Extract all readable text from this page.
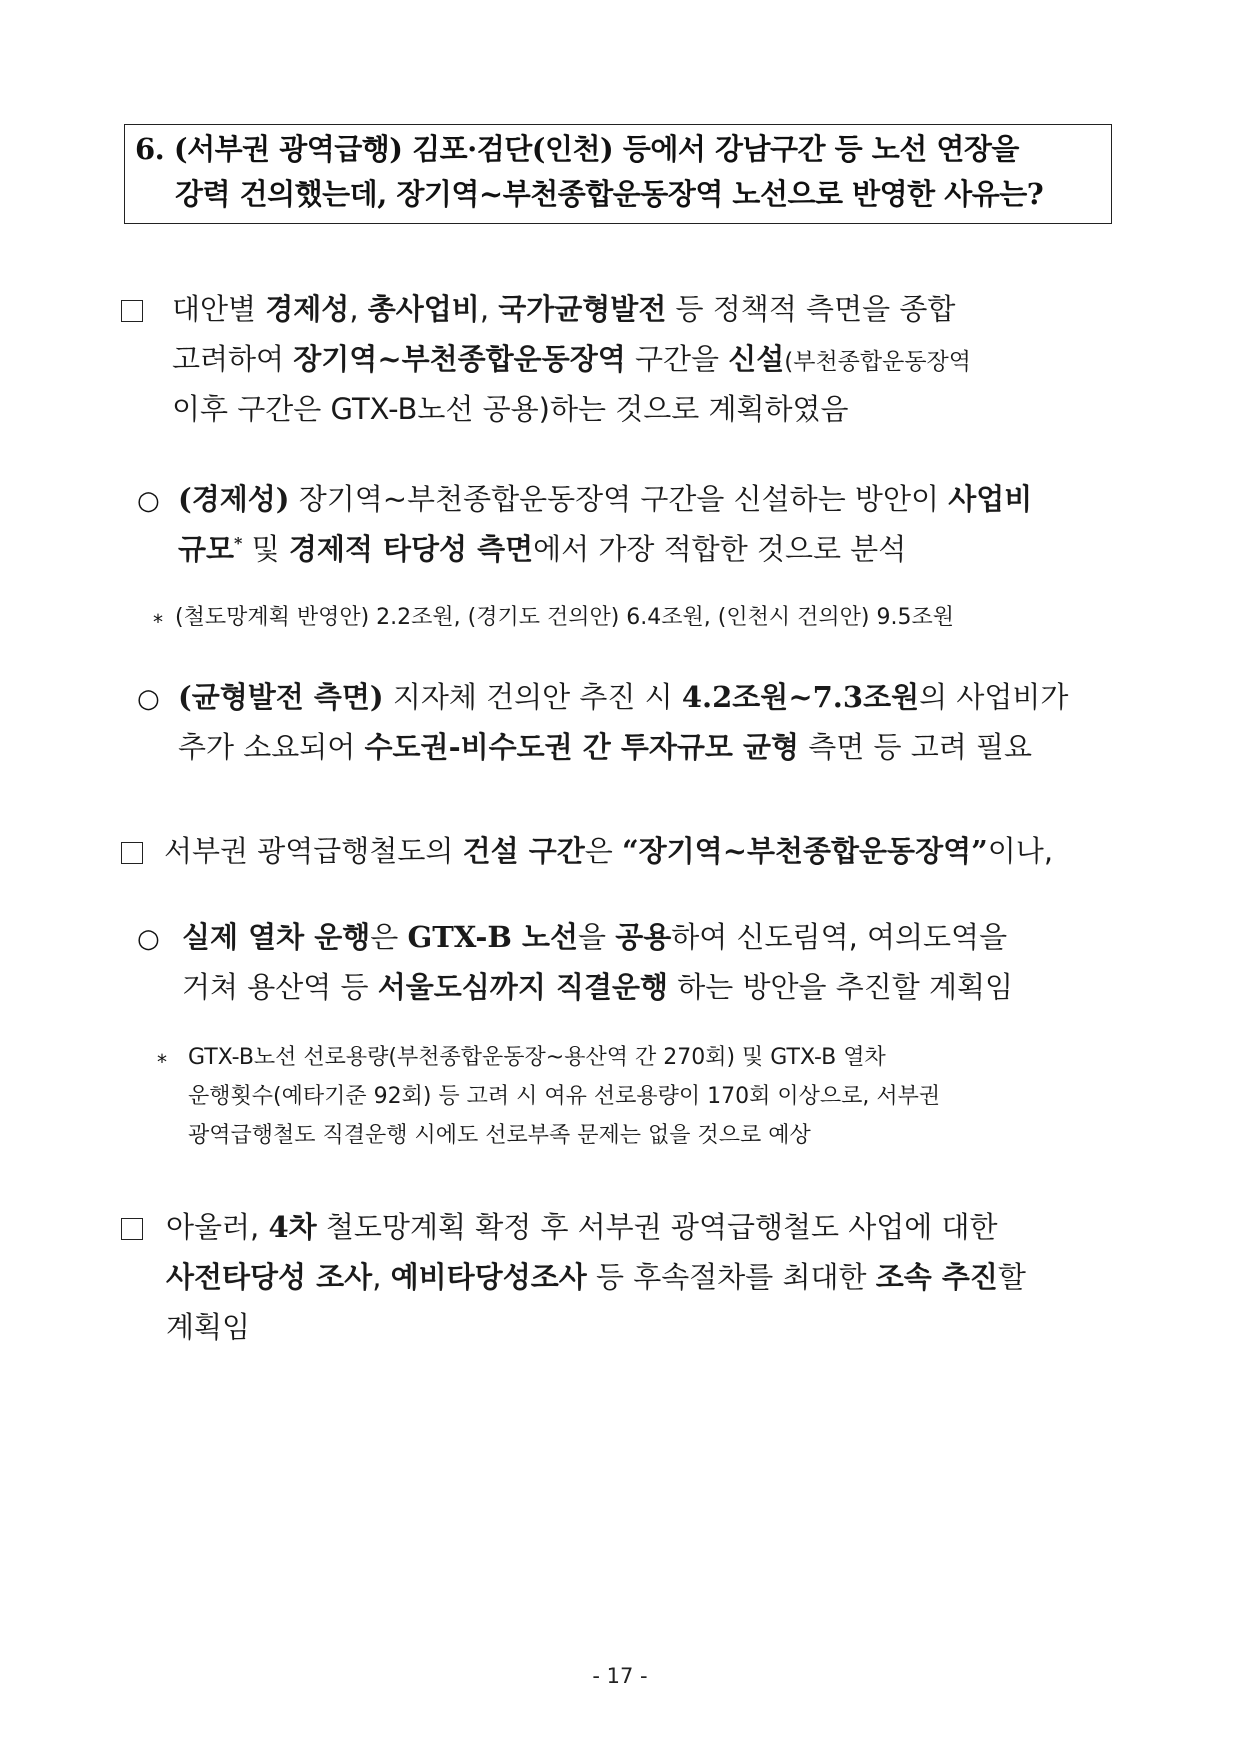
6. (서부권 광역급행) 김포·검단(인천) 등에서 강남구간 등 노선 연장을
강력 건의했는데, 장기역~부천종합운동장역 노선으로 반영한 사유는?
대안별 경제성, 총사업비, 국가균형발전 등 정책적 측면을 종합
고려하여 장기역~부천종합운동장역 구간을 신설(부천종합운동장역
이후 구간은 GTX-B노선 공용)하는 것으로 계획하였음
○ (경제성) 장기역~부천종합운동장역 구간을 신설하는 방안이 사업비
규모* 및 경제적 타당성 측면에서 가장 적합한 것으로 분석
* (철도망계획 반영안) 2.2조원, (경기도 건의안) 6.4조원, (인천시 건의안) 9.5조원
○ (균형발전 측면) 지자체 건의안 추진 시 4.2조원~7.3조원의 사업비가
추가 소요되어 수도권-비수도권 간 투자규모 균형 측면 등 고려 필요
서부권 광역급행철도의 건설 구간은 “장기역~부천종합운동장역”이나,
○ 실제 열차 운행은 GTX-B 노선을 공용하여 신도림역, 여의도역을
거쳐 용산역 등 서울도심까지 직결운행 하는 방안을 추진할 계획임
* GTX-B노선 선로용량(부천종합운동장~용산역 간 270회) 및 GTX-B 열차
운행횟수(예타기준 92회) 등 고려 시 여유 선로용량이 170회 이상으로, 서부권
광역급행철도 직결운행 시에도 선로부족 문제는 없을 것으로 예상
아울러, 4차 철도망계획 확정 후 서부권 광역급행철도 사업에 대한
사전타당성 조사, 예비타당성조사 등 후속절차를 최대한 조속 추진할
계획임
- 17 -
